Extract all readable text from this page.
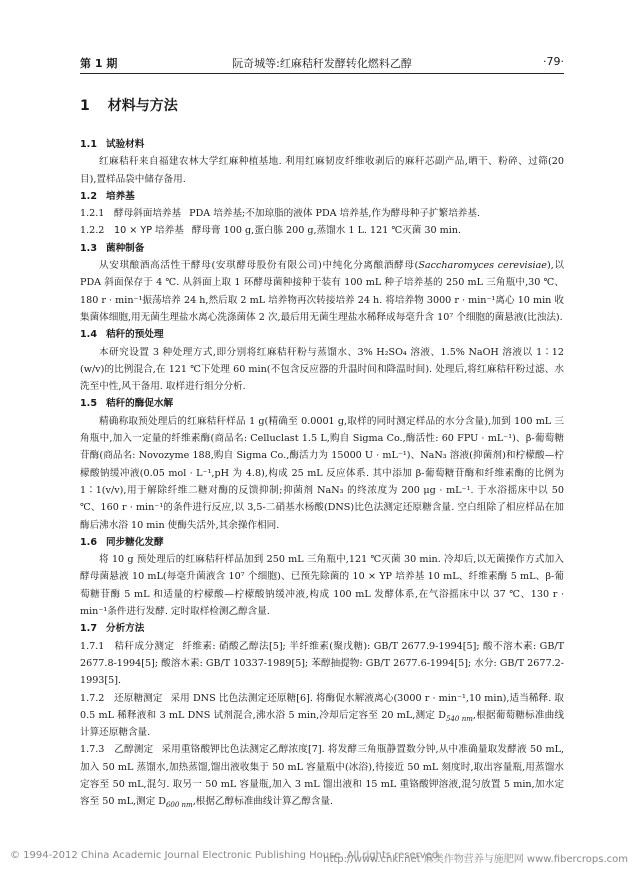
第 1 期	阮奇城等:红麻秸秆发酵转化燃料乙醇	·79·
1 材料与方法

1.1 试验材料

红麻秸秆来自福建农林大学红麻种植基地. 利用红麻韧皮纤维收剥后的麻秆芯副产品,晒干、粉碎、过筛(20 目),置样品袋中储存备用.

1.2 培养基

1.2.1 酵母斜面培养基 PDA 培养基;不加琼脂的液体 PDA 培养基,作为酵母种子扩繁培养基.

1.2.2 10 × YP 培养基 酵母膏 100 g,蛋白胨 200 g,蒸馏水 1 L. 121 ℃灭菌 30 min.

1.3 菌种制备

从安琪酿酒高活性干酵母(安琪酵母股份有限公司)中纯化分离酿酒酵母(Saccharomyces cerevisiae),以 PDA 斜面保存于 4 ℃. 从斜面上取 1 环酵母菌种接种于装有 100 mL 种子培养基的 250 mL 三角瓶中,30 ℃、180 r · min⁻¹振荡培养 24 h,然后取 2 mL 培养物再次转接培养 24 h. 将培养物 3000 r · min⁻¹离心 10 min 收集菌体细胞,用无菌生理盐水离心洗涤菌体 2 次,最后用无菌生理盐水稀释成每毫升含 10⁷ 个细胞的菌悬液(比浊法).

1.4 秸秆的预处理

本研究设置 3 种处理方式,即分别将红麻秸秆粉与蒸馏水、3% H₂SO₄ 溶液、1.5% NaOH 溶液以 1∶12 (w/v)的比例混合,在 121 ℃下处理 60 min(不包含反应器的升温时间和降温时间). 处理后,将红麻秸秆粉过滤、水洗至中性,风干备用. 取样进行组分分析.

1.5 秸秆的酶促水解

精确称取预处理后的红麻秸秆样品 1 g(精确至 0.0001 g,取样的同时测定样品的水分含量),加到 100 mL 三角瓶中,加入一定量的纤维素酶(商品名: Celluclast 1.5 L,购自 Sigma Co.,酶活性: 60 FPU · mL⁻¹)、β-葡萄糖苷酶(商品名: Novozyme 188,购自 Sigma Co.,酶活力为 15000 U · mL⁻¹)、NaN₃ 溶液(抑菌剂)和柠檬酸—柠檬酸钠缓冲液(0.05 mol · L⁻¹,pH 为 4.8),构成 25 mL 反应体系. 其中添加 β-葡萄糖苷酶和纤维素酶的比例为 1∶1(v/v),用于解除纤维二糖对酶的反馈抑制;抑菌剂 NaN₃ 的终浓度为 200 μg · mL⁻¹. 于水浴摇床中以 50 ℃、160 r · min⁻¹的条件进行反应,以 3,5-二硝基水杨酸(DNS)比色法测定还原糖含量. 空白组除了相应样品在加酶后沸水浴 10 min 使酶失活外,其余操作相同.

1.6 同步糖化发酵

将 10 g 预处理后的红麻秸秆样品加到 250 mL 三角瓶中,121 ℃灭菌 30 min. 冷却后,以无菌操作方式加入酵母菌悬液 10 mL(每毫升菌液含 10⁷ 个细胞)、已预先除菌的 10 × YP 培养基 10 mL、纤维素酶 5 mL、β-葡萄糖苷酶 5 mL 和适量的柠檬酸—柠檬酸钠缓冲液,构成 100 mL 发酵体系,在气浴摇床中以 37 ℃、130 r · min⁻¹条件进行发酵. 定时取样检测乙醇含量.

1.7 分析方法

1.7.1 秸秆成分测定 纤维素: 硝酸乙醇法[5]; 半纤维素(聚戊糖): GB/T 2677.9-1994[5]; 酸不溶木素: GB/T 2677.8-1994[5]; 酸溶木素: GB/T 10337-1989[5]; 苯醇抽提物: GB/T 2677.6-1994[5]; 水分: GB/T 2677.2-1993[5].

1.7.2 还原糖测定 采用 DNS 比色法测定还原糖[6]. 将酶促水解液离心(3000 r · min⁻¹,10 min),适当稀释. 取 0.5 mL 稀释液和 3 mL DNS 试剂混合,沸水浴 5 min,冷却后定容至 20 mL,测定 $D_{540 nm}$,根据葡萄糖标准曲线计算还原糖含量.

1.7.3 乙醇测定 采用重铬酸钾比色法测定乙醇浓度[7]. 将发酵三角瓶静置数分钟,从中准确量取发酵液 50 mL,加入 50 mL 蒸馏水,加热蒸馏,馏出液收集于 50 mL 容量瓶中(冰浴),待接近 50 mL 刻度时,取出容量瓶,用蒸馏水定容至 50 mL,混匀. 取另一 50 mL 容量瓶,加入 3 mL 馏出液和 15 mL 重铬酸钾溶液,混匀放置 5 min,加水定容至 50 mL,测定 $D_{600 nm}$,根据乙醇标准曲线计算乙醇含量.

© 1994-2012 China Academic Journal Electronic Publishing House. All rights reserved.
http://www.cnki.net 麻类作物营养与施肥网 www.fibercrops.com
